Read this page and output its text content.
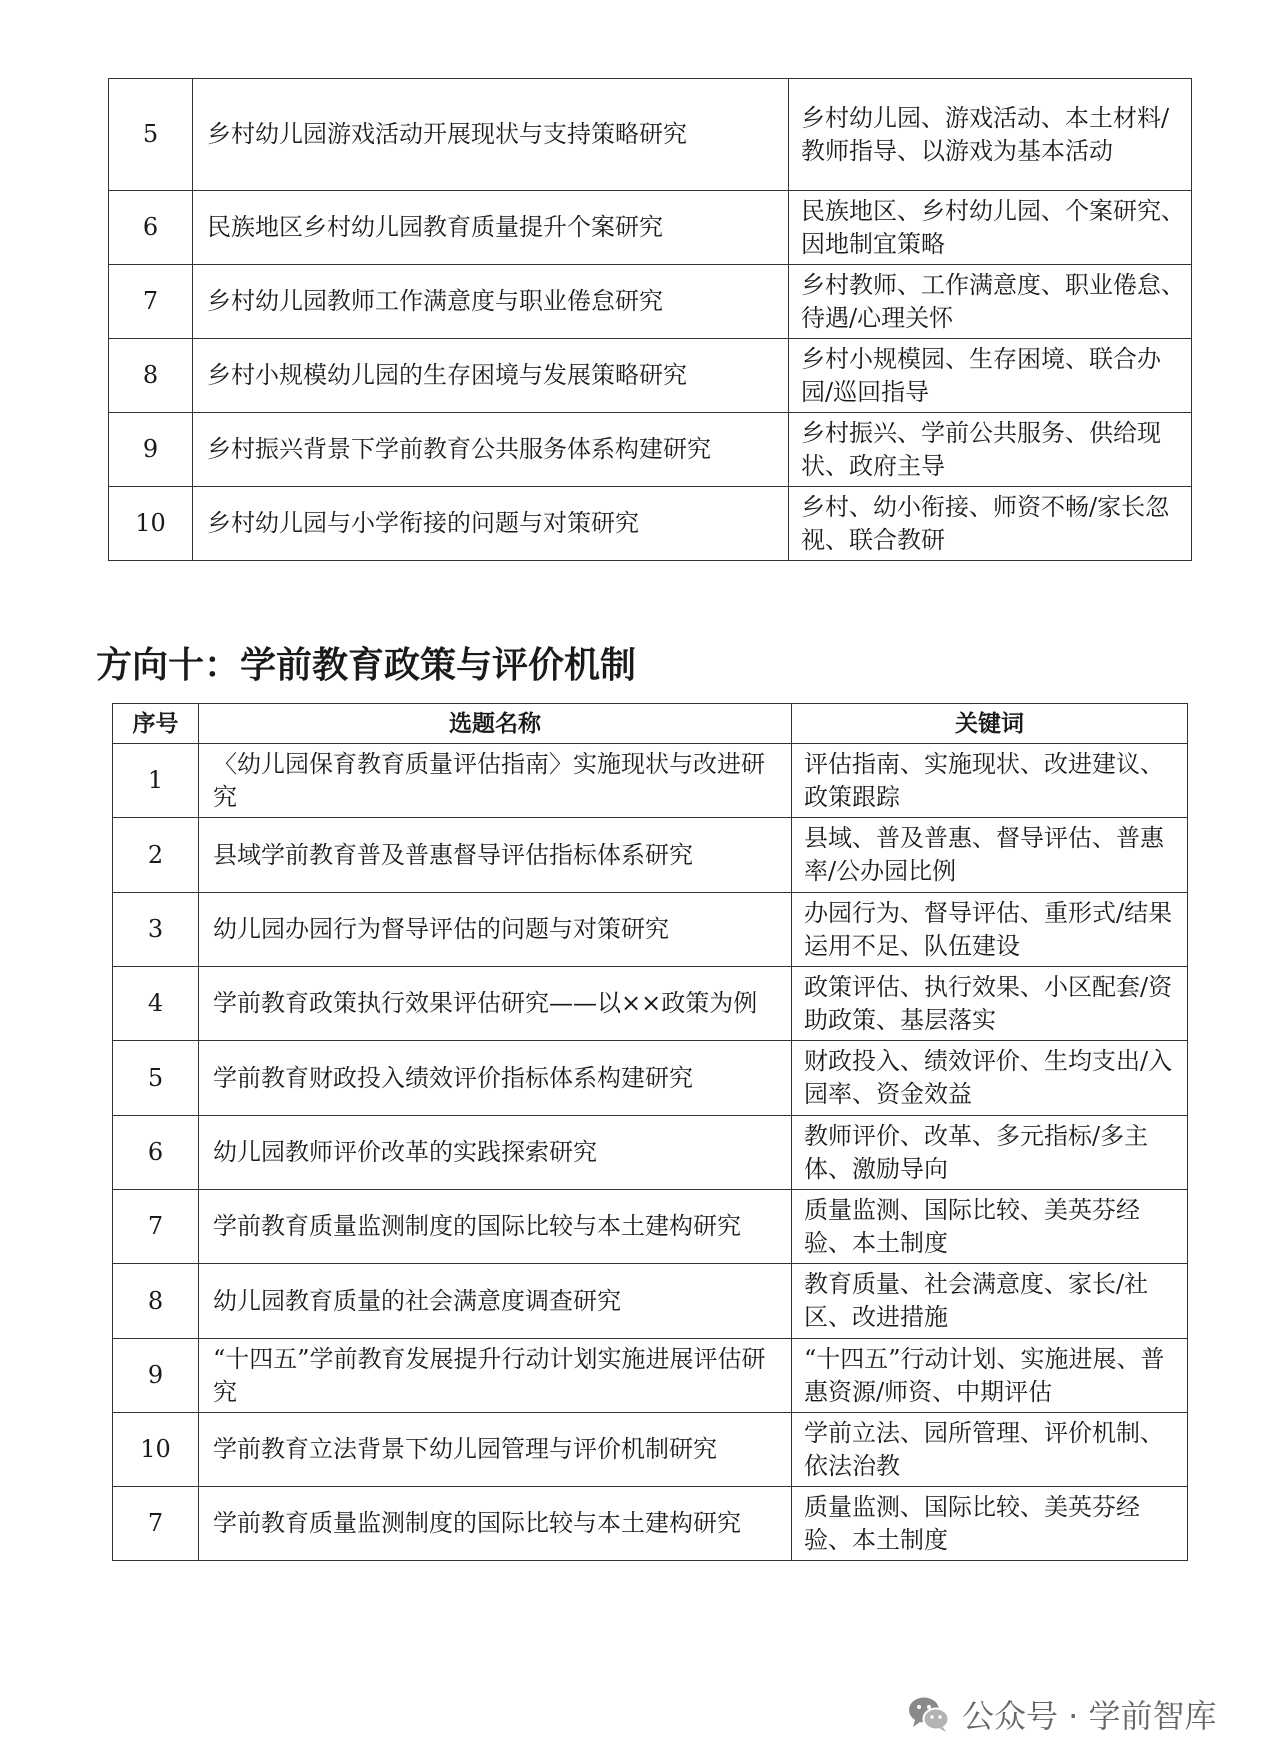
5	乡村幼儿园游戏活动开展现状与支持策略研究	乡村幼儿园、游戏活动、本土材料/教师指导、以游戏为基本活动
6	民族地区乡村幼儿园教育质量提升个案研究	民族地区、乡村幼儿园、个案研究、因地制宜策略
7	乡村幼儿园教师工作满意度与职业倦怠研究	乡村教师、工作满意度、职业倦怠、待遇/心理关怀
8	乡村小规模幼儿园的生存困境与发展策略研究	乡村小规模园、生存困境、联合办园/巡回指导
9	乡村振兴背景下学前教育公共服务体系构建研究	乡村振兴、学前公共服务、供给现状、政府主导
10	乡村幼儿园与小学衔接的问题与对策研究	乡村、幼小衔接、师资不畅/家长忽视、联合教研
方向十：学前教育政策与评价机制
序号	选题名称	关键词
1	〈幼儿园保育教育质量评估指南〉实施现状与改进研究	评估指南、实施现状、改进建议、政策跟踪
2	县域学前教育普及普惠督导评估指标体系研究	县域、普及普惠、督导评估、普惠率/公办园比例
3	幼儿园办园行为督导评估的问题与对策研究	办园行为、督导评估、重形式/结果运用不足、队伍建设
4	学前教育政策执行效果评估研究——以××政策为例	政策评估、执行效果、小区配套/资助政策、基层落实
5	学前教育财政投入绩效评价指标体系构建研究	财政投入、绩效评价、生均支出/入园率、资金效益
6	幼儿园教师评价改革的实践探索研究	教师评价、改革、多元指标/多主体、激励导向
7	学前教育质量监测制度的国际比较与本土建构研究	质量监测、国际比较、美英芬经验、本土制度
8	幼儿园教育质量的社会满意度调查研究	教育质量、社会满意度、家长/社区、改进措施
9	“十四五”学前教育发展提升行动计划实施进展评估研究	“十四五”行动计划、实施进展、普惠资源/师资、中期评估
10	学前教育立法背景下幼儿园管理与评价机制研究	学前立法、园所管理、评价机制、依法治教
7	学前教育质量监测制度的国际比较与本土建构研究	质量监测、国际比较、美英芬经验、本土制度
公众号 · 学前智库
